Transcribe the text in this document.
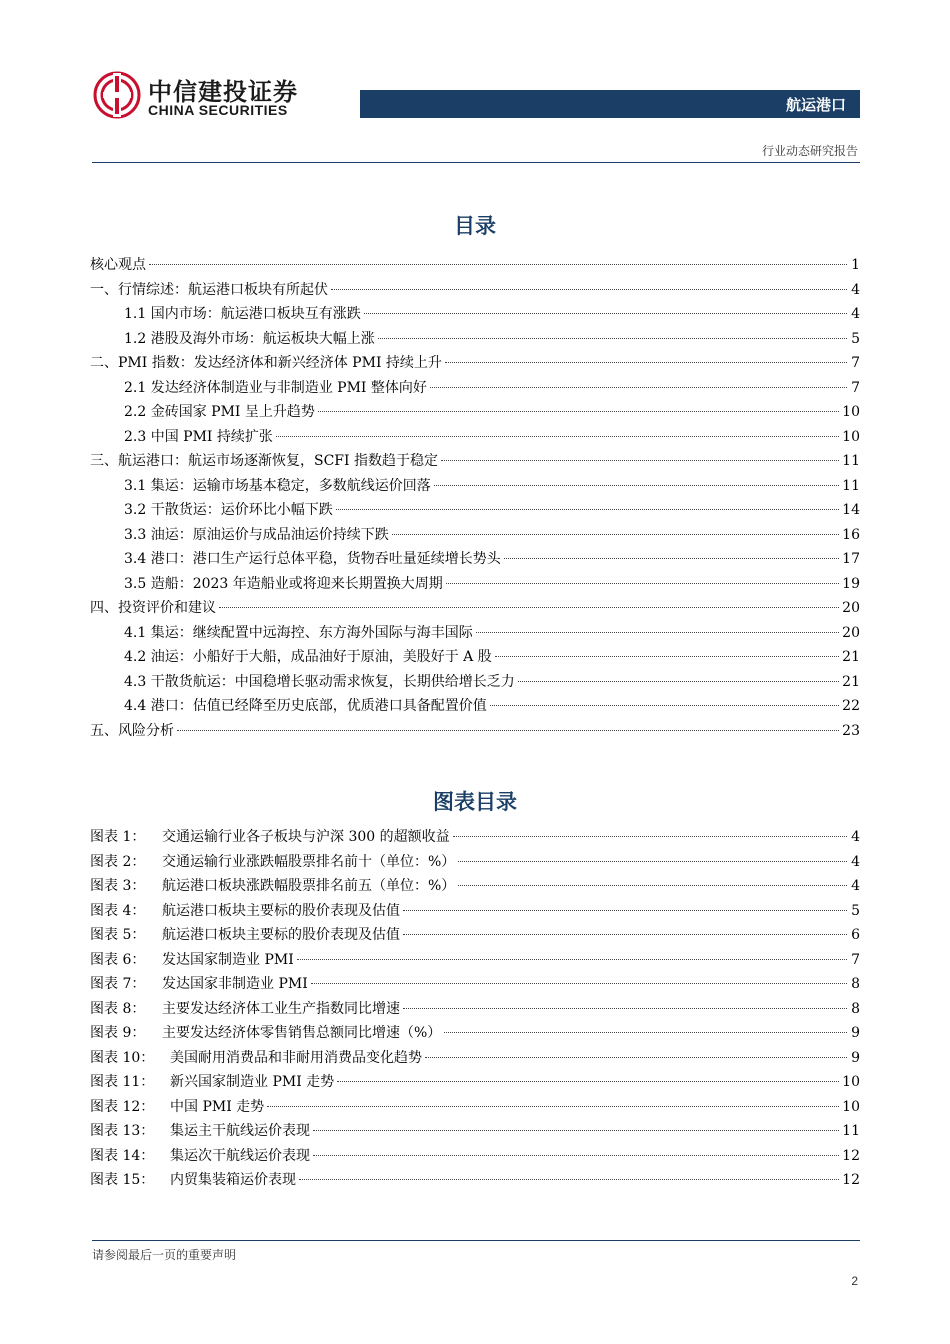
中信建投证券
CHINA SECURITIES	航运港口
行业动态研究报告
目录
核心观点	1
一、行情综述：航运港口板块有所起伏	4
1.1 国内市场：航运港口板块互有涨跌	4
1.2 港股及海外市场：航运板块大幅上涨	5
二、PMI 指数：发达经济体和新兴经济体 PMI 持续上升	7
2.1 发达经济体制造业与非制造业 PMI 整体向好	7
2.2 金砖国家 PMI 呈上升趋势	10
2.3 中国 PMI 持续扩张	10
三、航运港口：航运市场逐渐恢复，SCFI 指数趋于稳定	11
3.1 集运：运输市场基本稳定，多数航线运价回落	11
3.2 干散货运：运价环比小幅下跌	14
3.3 油运：原油运价与成品油运价持续下跌	16
3.4 港口：港口生产运行总体平稳，货物吞吐量延续增长势头	17
3.5 造船：2023 年造船业或将迎来长期置换大周期	19
四、投资评价和建议	20
4.1 集运：继续配置中远海控、东方海外国际与海丰国际	20
4.2 油运：小船好于大船，成品油好于原油，美股好于 A 股	21
4.3 干散货航运：中国稳增长驱动需求恢复，长期供给增长乏力	21
4.4 港口：估值已经降至历史底部，优质港口具备配置价值	22
五、风险分析	23
图表目录
图表 1：	交通运输行业各子板块与沪深 300 的超额收益	4
图表 2：	交通运输行业涨跌幅股票排名前十（单位：%）	4
图表 3：	航运港口板块涨跌幅股票排名前五（单位：%）	4
图表 4：	航运港口板块主要标的股价表现及估值	5
图表 5：	航运港口板块主要标的股价表现及估值	6
图表 6：	发达国家制造业 PMI	7
图表 7：	发达国家非制造业 PMI	8
图表 8：	主要发达经济体工业生产指数同比增速	8
图表 9：	主要发达经济体零售销售总额同比增速（%）	9
图表 10：	美国耐用消费品和非耐用消费品变化趋势	9
图表 11：	新兴国家制造业 PMI 走势	10
图表 12：	中国 PMI 走势	10
图表 13：	集运主干航线运价表现	11
图表 14：	集运次干航线运价表现	12
图表 15：	内贸集装箱运价表现	12
请参阅最后一页的重要声明
2
